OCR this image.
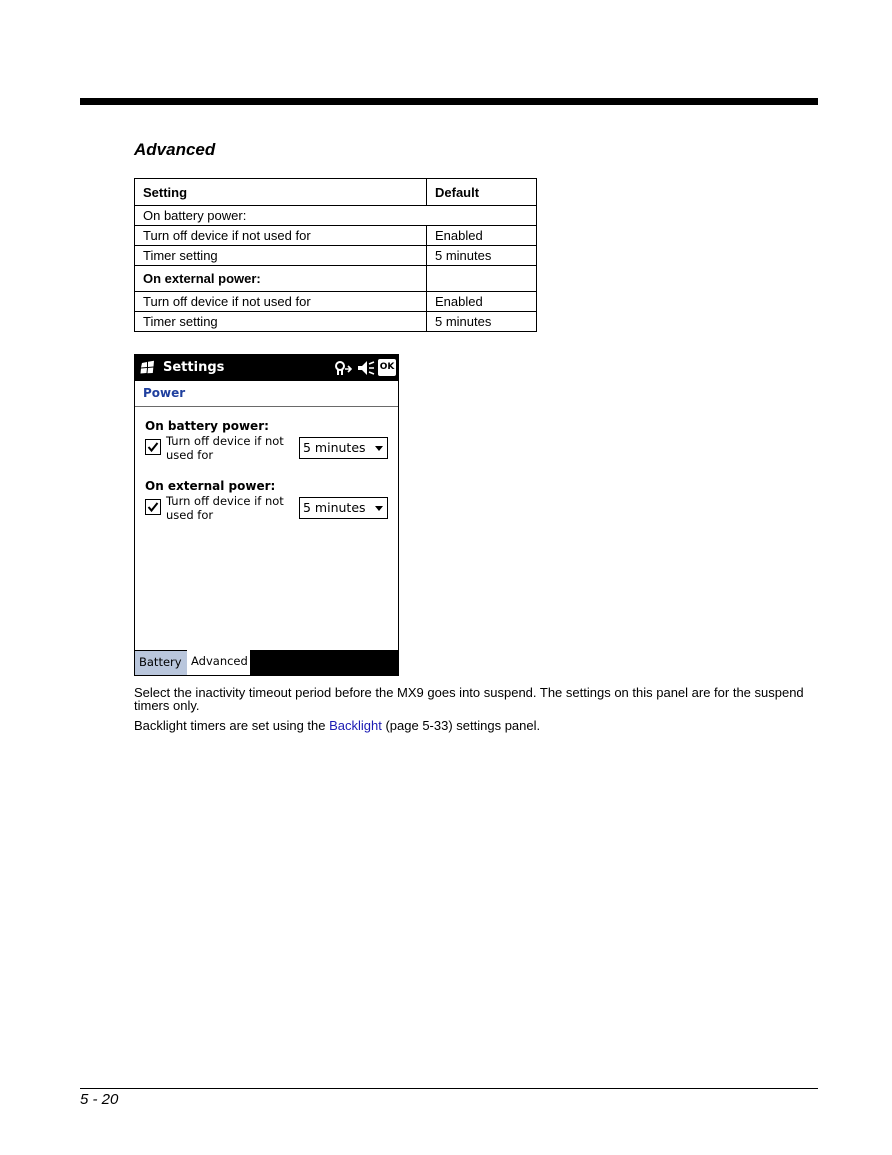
Advanced
Setting	Default
On battery power:	
Turn off device if not used for	Enabled
Timer setting	5 minutes
On external power:	
Turn off device if not used for	Enabled
Timer setting	5 minutes
Settings	OK
Power
On battery power:
Turn off device if not used for	5 minutes
On external power:
Turn off device if not used for	5 minutes
Battery Advanced

Select the inactivity timeout period before the MX9 goes into suspend. The settings on this panel are for the suspend timers only.

Backlight timers are set using the Backlight (page 5-33) settings panel.

5 - 20
